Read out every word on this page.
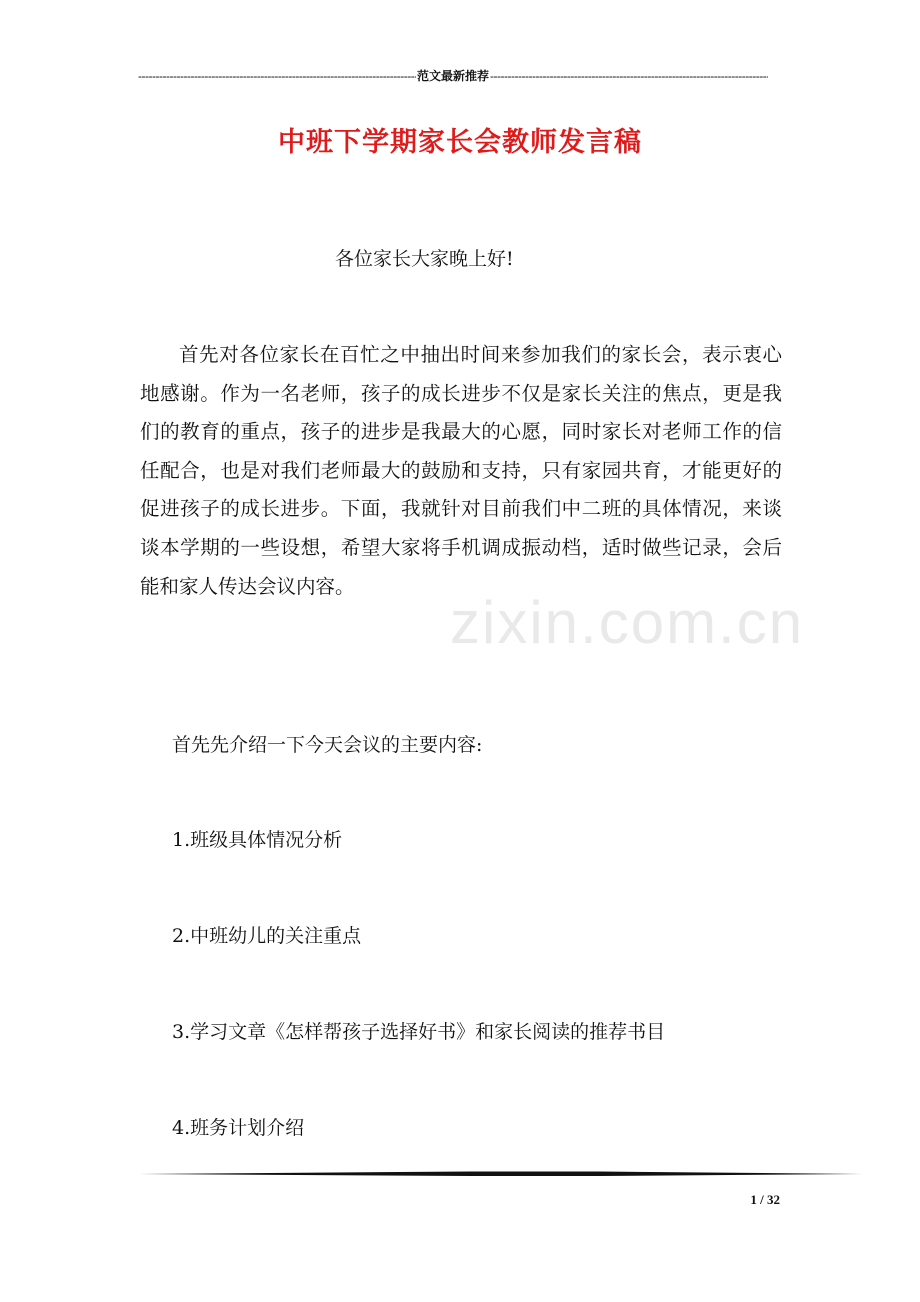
-----
范文最新推荐
-----
中班下学期家长会教师发言稿
各位家长大家晚上好!

首先对各位家长在百忙之中抽出时间来参加我们的家长会，表示衷心地感谢。作为一名老师，孩子的成长进步不仅是家长关注的焦点，更是我们的教育的重点，孩子的进步是我最大的心愿，同时家长对老师工作的信任配合，也是对我们老师最大的鼓励和支持，只有家园共育，才能更好的促进孩子的成长进步。下面，我就针对目前我们中二班的具体情况，来谈谈本学期的一些设想，希望大家将手机调成振动档，适时做些记录，会后能和家人传达会议内容。

zixin.com.cn
首先先介绍一下今天会议的主要内容:
1.班级具体情况分析
2.中班幼儿的关注重点
3.学习文章《怎样帮孩子选择好书》和家长阅读的推荐书目
4.班务计划介绍
1 / 32
